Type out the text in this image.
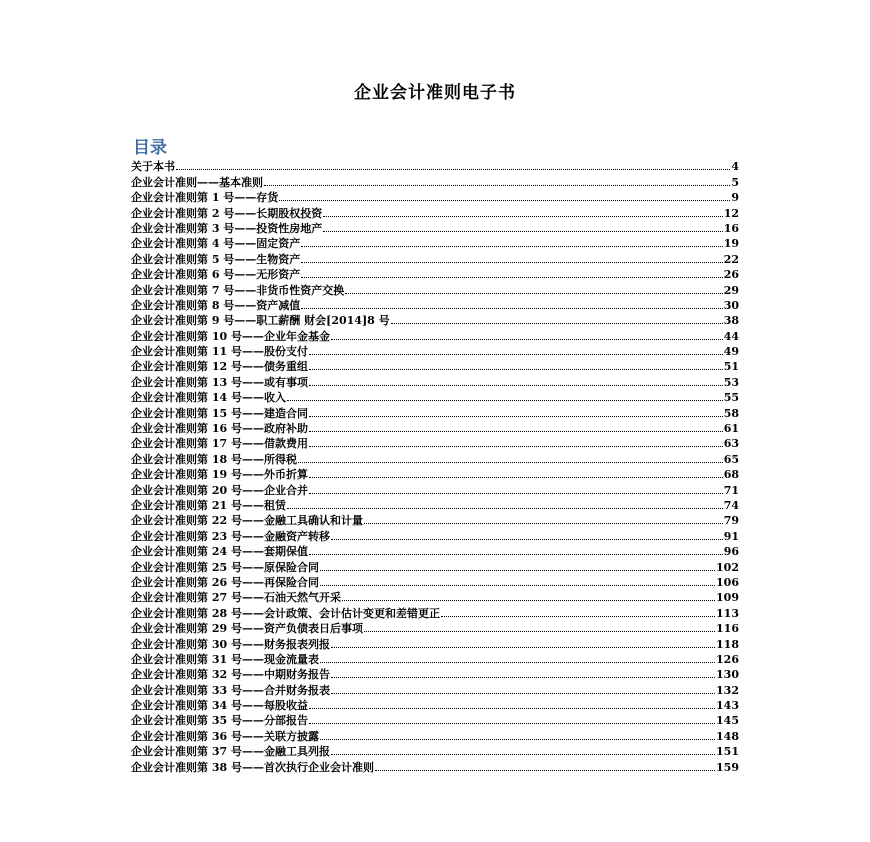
企业会计准则电子书
目录
关于本书	4
企业会计准则——基本准则	5
企业会计准则第 1 号——存货	9
企业会计准则第 2 号——长期股权投资	12
企业会计准则第 3 号——投资性房地产	16
企业会计准则第 4 号——固定资产	19
企业会计准则第 5 号——生物资产	22
企业会计准则第 6 号——无形资产	26
企业会计准则第 7 号——非货币性资产交换	29
企业会计准则第 8 号——资产减值	30
企业会计准则第 9 号——职工薪酬 财会[2014]8 号	38
企业会计准则第 10 号——企业年金基金	44
企业会计准则第 11 号——股份支付	49
企业会计准则第 12 号——债务重组	51
企业会计准则第 13 号——或有事项	53
企业会计准则第 14 号——收入	55
企业会计准则第 15 号——建造合同	58
企业会计准则第 16 号——政府补助	61
企业会计准则第 17 号——借款费用	63
企业会计准则第 18 号——所得税	65
企业会计准则第 19 号——外币折算	68
企业会计准则第 20 号——企业合并	71
企业会计准则第 21 号——租赁	74
企业会计准则第 22 号——金融工具确认和计量	79
企业会计准则第 23 号——金融资产转移	91
企业会计准则第 24 号——套期保值	96
企业会计准则第 25 号——原保险合同	102
企业会计准则第 26 号——再保险合同	106
企业会计准则第 27 号——石油天然气开采	109
企业会计准则第 28 号——会计政策、会计估计变更和差错更正	113
企业会计准则第 29 号——资产负债表日后事项	116
企业会计准则第 30 号——财务报表列报	118
企业会计准则第 31 号——现金流量表	126
企业会计准则第 32 号——中期财务报告	130
企业会计准则第 33 号——合并财务报表	132
企业会计准则第 34 号——每股收益	143
企业会计准则第 35 号——分部报告	145
企业会计准则第 36 号——关联方披露	148
企业会计准则第 37 号——金融工具列报	151
企业会计准则第 38 号——首次执行企业会计准则	159
